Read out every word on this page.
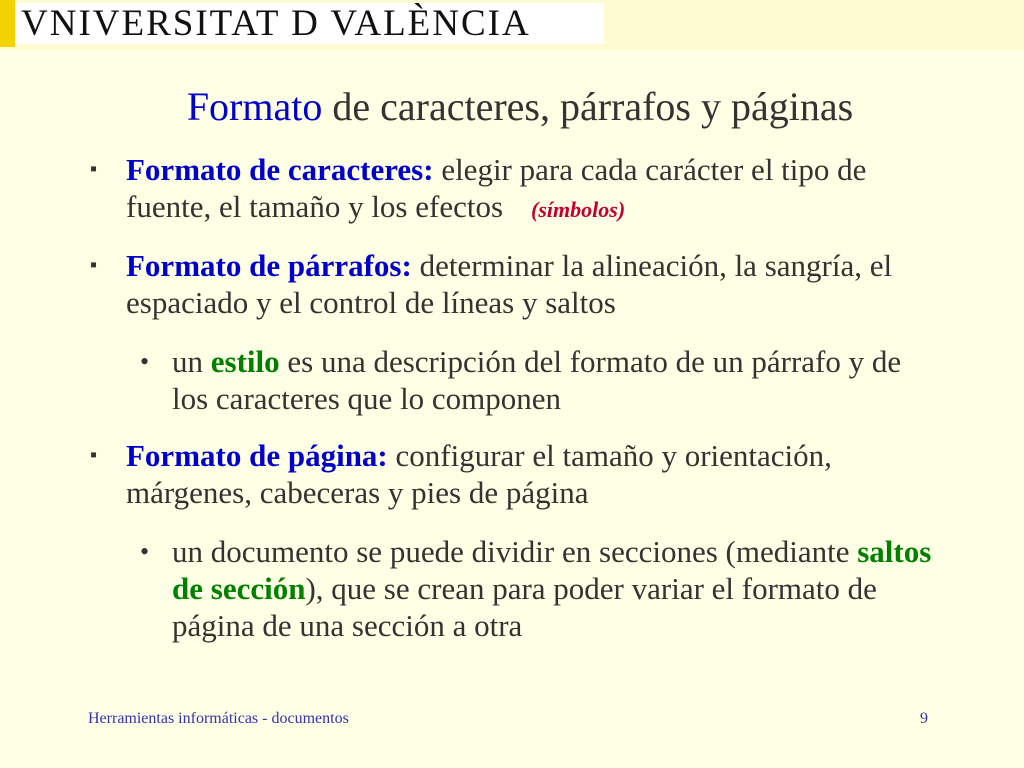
VNIVERSITAT D VALÈNCIA
Formato de caracteres, párrafos y páginas
▪ Formato de caracteres: elegir para cada carácter el tipo de fuente, el tamaño y los efectos (símbolos)
▪ Formato de párrafos: determinar la alineación, la sangría, el espaciado y el control de líneas y saltos
• un estilo es una descripción del formato de un párrafo y de los caracteres que lo componen
▪ Formato de página: configurar el tamaño y orientación, márgenes, cabeceras y pies de página
• un documento se puede dividir en secciones (mediante saltos de sección), que se crean para poder variar el formato de página de una sección a otra
Herramientas informáticas - documentos	9
